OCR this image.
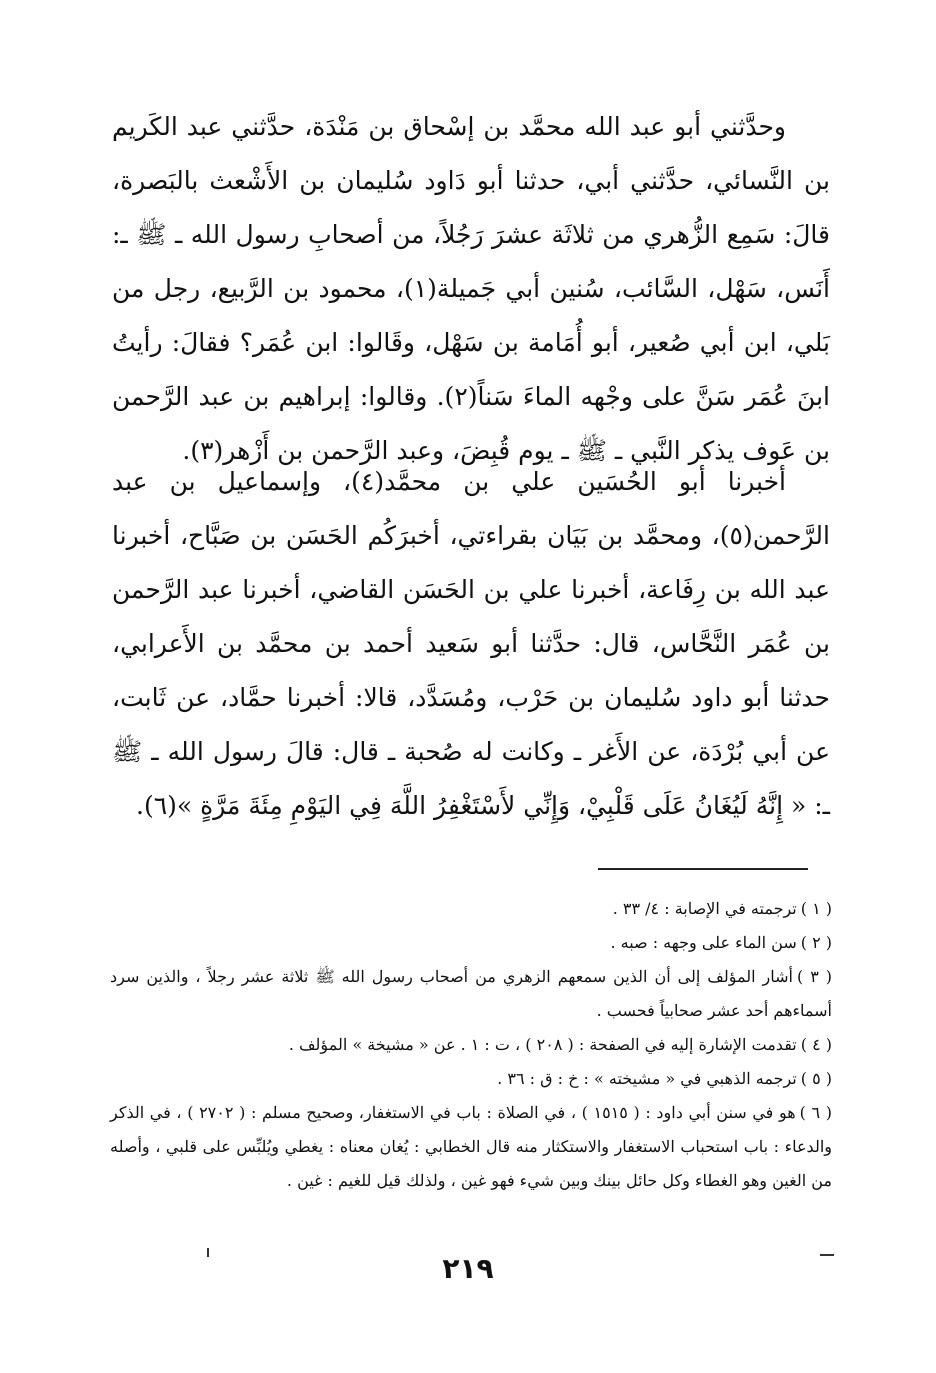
وحدَّثني أبو عبد الله محمَّد بن إسْحاق بن مَنْدَة، حدَّثني عبد الكَريم بن النَّسائي، حدَّثني أبي، حدثنا أبو دَاود سُليمان بن الأَشْعث بالبَصرة، قالَ: سَمِع الزُّهري من ثلاثَة عشرَ رَجُلاً، من أصحابِ رسول الله ـ ﷺ ـ: أَنَس، سَهْل، السَّائب، سُنين أبي جَميلة(١)، محمود بن الرَّبيع، رجل من بَلي، ابن أبي صُعير، أبو أُمَامة بن سَهْل، وقَالوا: ابن عُمَر؟ فقالَ: رأيتُ ابنَ عُمَر سَنَّ على وجْهه الماءَ سَناً(٢). وقالوا: إبراهيم بن عبد الرَّحمن بن عَوف يذكر النَّبي ـ ﷺ ـ يوم قُبِضَ، وعبد الرَّحمن بن أَزْهر(٣).

أخبرنا أبو الحُسَين علي بن محمَّد(٤)، وإسماعيل بن عبد الرَّحمن(٥)، ومحمَّد بن بَيَان بقراءتي، أخبرَكُم الحَسَن بن صَبَّاح، أخبرنا عبد الله بن رِفَاعة، أخبرنا علي بن الحَسَن القاضي، أخبرنا عبد الرَّحمن بن عُمَر النَّحَّاس، قال: حدَّثنا أبو سَعيد أحمد بن محمَّد بن الأَعرابي، حدثنا أبو داود سُليمان بن حَرْب، ومُسَدَّد، قالا: أخبرنا حمَّاد، عن ثَابت، عن أبي بُرْدَة، عن الأَغر ـ وكانت له صُحبة ـ قال: قالَ رسول الله ـ ﷺ ـ: « إِنَّهُ لَيُغَانُ عَلَى قَلْبِيْ، وَإِنِّي لأَسْتَغْفِرُ اللَّهَ فِي اليَوْمِ مِئَةَ مَرَّةٍ »(٦).

( ١ )ترجمته في الإصابة : ٤/ ٣٣ .

( ٢ )سن الماء على وجهه : صبه .

( ٣ )أشار المؤلف إلى أن الذين سمعهم الزهري من أصحاب رسول الله ﷺ ثلاثة عشر رجلاً ، والذين سرد أسماءهم أحد عشر صحابياً فحسب .

( ٤ )تقدمت الإشارة إليه في الصفحة : ( ٢٠٨ ) ، ت : ١ . عن « مشيخة » المؤلف .

( ٥ )ترجمه الذهبي في « مشيخته » : خ : ق : ٣٦ .

( ٦ )هو في سنن أبي داود : ( ١٥١٥ ) ، في الصلاة : باب في الاستغفار، وصحيح مسلم : ( ٢٧٠٢ ) ، في الذكر والدعاء : باب استحباب الاستغفار والاستكثار منه قال الخطابي : يُغان معناه : يغطي ويُلبِّس على قلبي ، وأصله من الغين وهو الغطاء وكل حائل بينك وبين شيء فهو غين ، ولذلك قيل للغيم : غين .

٢١٩
